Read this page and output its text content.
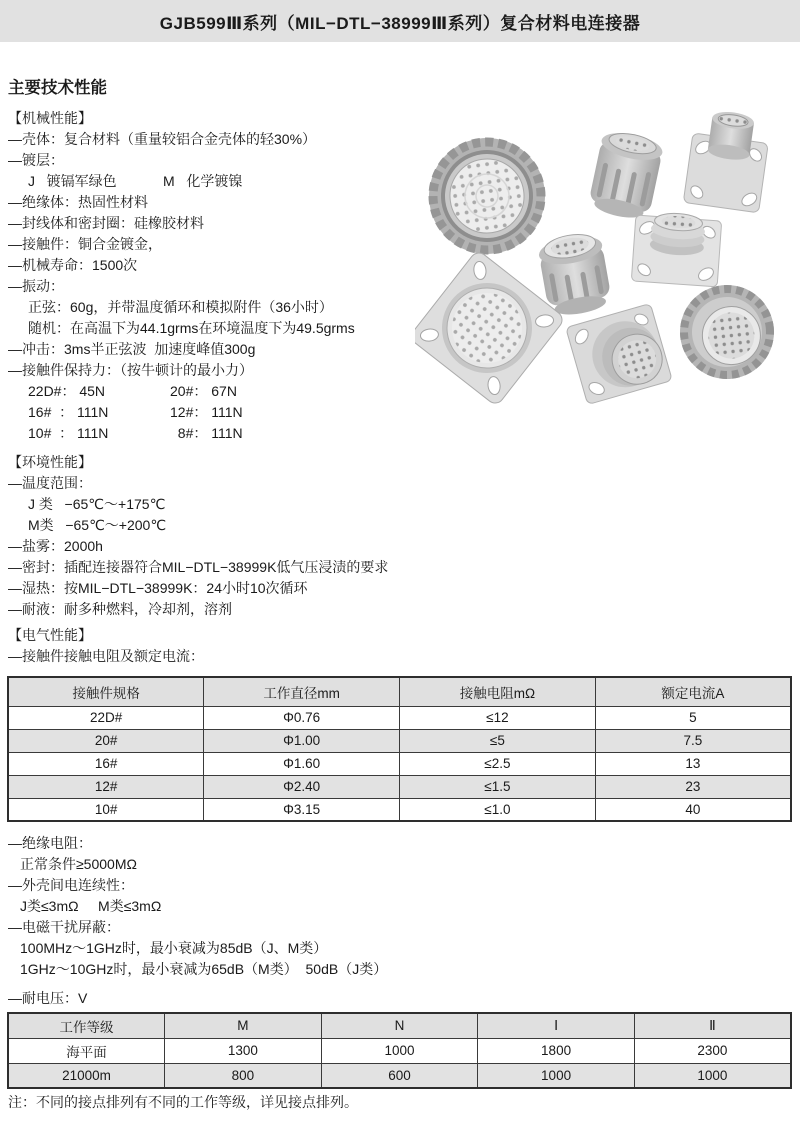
GJB599Ⅲ系列（MIL−DTL−38999Ⅲ系列）复合材料电连接器
主要技术性能
【机械性能】
—壳体：复合材料（重量较铝合金壳体的轻30%）
—镀层：
J   镀镉军绿色	M   化学镀镍
—绝缘体：热固性材料
—封线体和密封圈：硅橡胶材料
—接触件：铜合金镀金，
—机械寿命：1500次
—振动：
正弦：60g，并带温度循环和模拟附件（36小时）
随机：在高温下为44.1grms在环境温度下为49.5grms
—冲击：3ms半正弦波  加速度峰值300g
—接触件保持力：（按牛顿计的最小力）
22D#： 45N	20#： 67N
16#  ： 111N	12#： 111N
10#  ： 111N	8#： 111N
【环境性能】
—温度范围：
J 类   −65℃～+175℃
M类   −65℃～+200℃
—盐雾：2000h
—密封：插配连接器符合MIL−DTL−38999K低气压浸渍的要求
—湿热：按MIL−DTL−38999K：24小时10次循环
—耐液：耐多种燃料，冷却剂，溶剂
【电气性能】
—接触件接触电阻及额定电流：
接触件规格	工作直径mm	接触电阻mΩ	额定电流A
22D#	Φ0.76	≤12	5
20#	Φ1.00	≤5	7.5
16#	Φ1.60	≤2.5	13
12#	Φ2.40	≤1.5	23
10#	Φ3.15	≤1.0	40
—绝缘电阻：
正常条件≥5000MΩ
—外壳间电连续性：
J类≤3mΩ     M类≤3mΩ
—电磁干扰屏蔽：
100MHz～1GHz时，最小衰减为85dB（J、M类）
1GHz～10GHz时，最小衰减为65dB（M类）  50dB（J类）
—耐电压：V
工作等级	M	N	Ⅰ	Ⅱ
海平面	1300	1000	1800	2300
21000m	800	600	1000	1000
注：不同的接点排列有不同的工作等级，详见接点排列。
